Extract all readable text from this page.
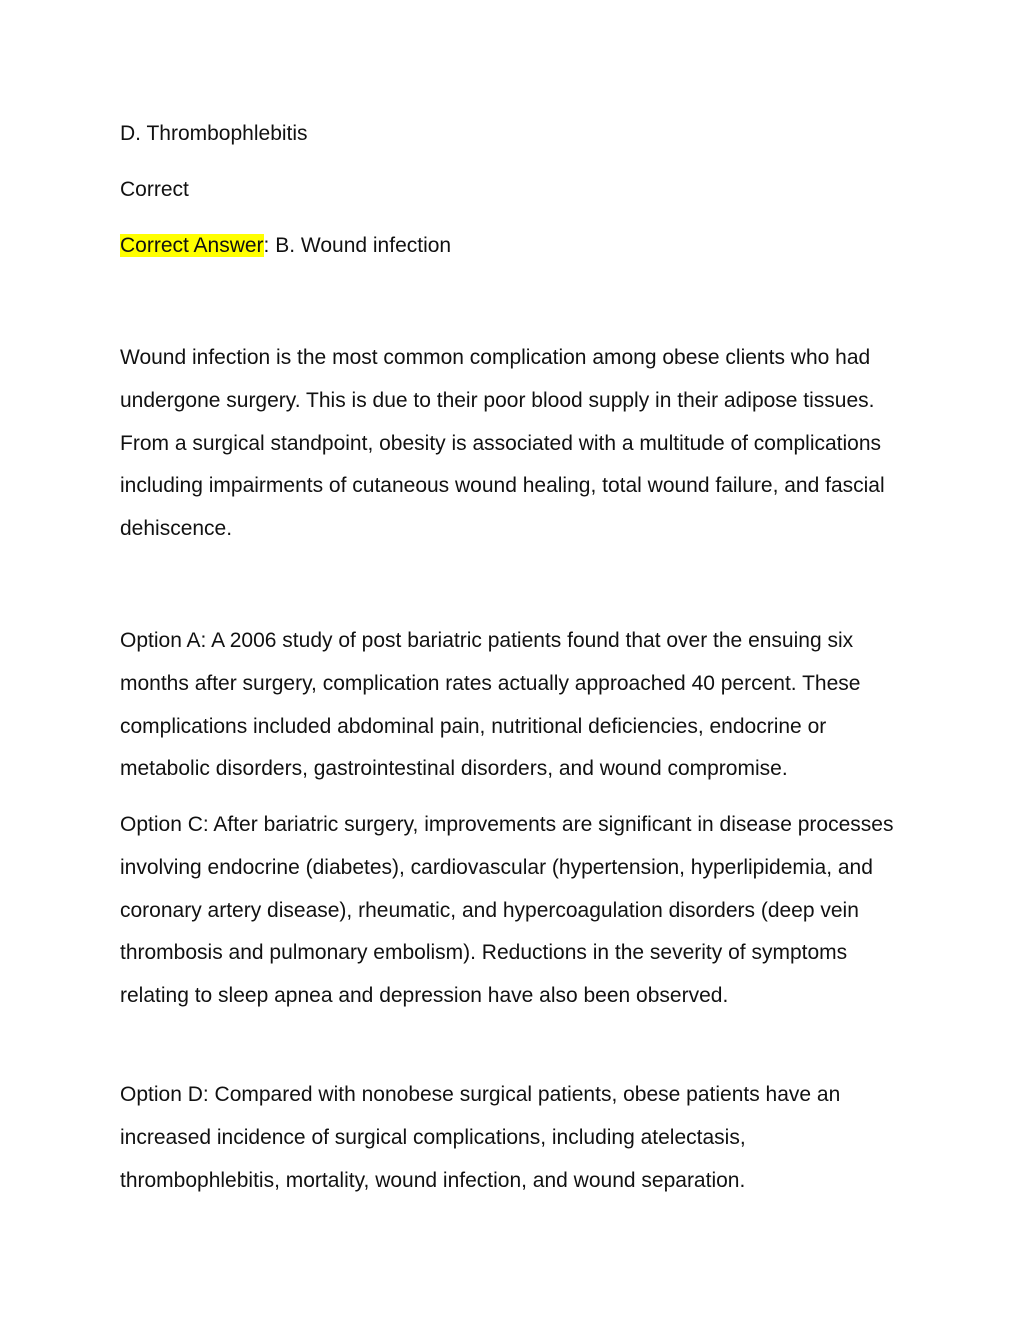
D. Thrombophlebitis
Correct
Correct Answer: B. Wound infection
Wound infection is the most common complication among obese clients who had undergone surgery. This is due to their poor blood supply in their adipose tissues. From a surgical standpoint, obesity is associated with a multitude of complications including impairments of cutaneous wound healing, total wound failure, and fascial dehiscence.
Option A: A 2006 study of post bariatric patients found that over the ensuing six months after surgery, complication rates actually approached 40 percent. These complications included abdominal pain, nutritional deficiencies, endocrine or metabolic disorders, gastrointestinal disorders, and wound compromise.
Option C: After bariatric surgery, improvements are significant in disease processes involving endocrine (diabetes), cardiovascular (hypertension, hyperlipidemia, and coronary artery disease), rheumatic, and hypercoagulation disorders (deep vein thrombosis and pulmonary embolism). Reductions in the severity of symptoms relating to sleep apnea and depression have also been observed.
Option D: Compared with nonobese surgical patients, obese patients have an increased incidence of surgical complications, including atelectasis, thrombophlebitis, mortality, wound infection, and wound separation.
